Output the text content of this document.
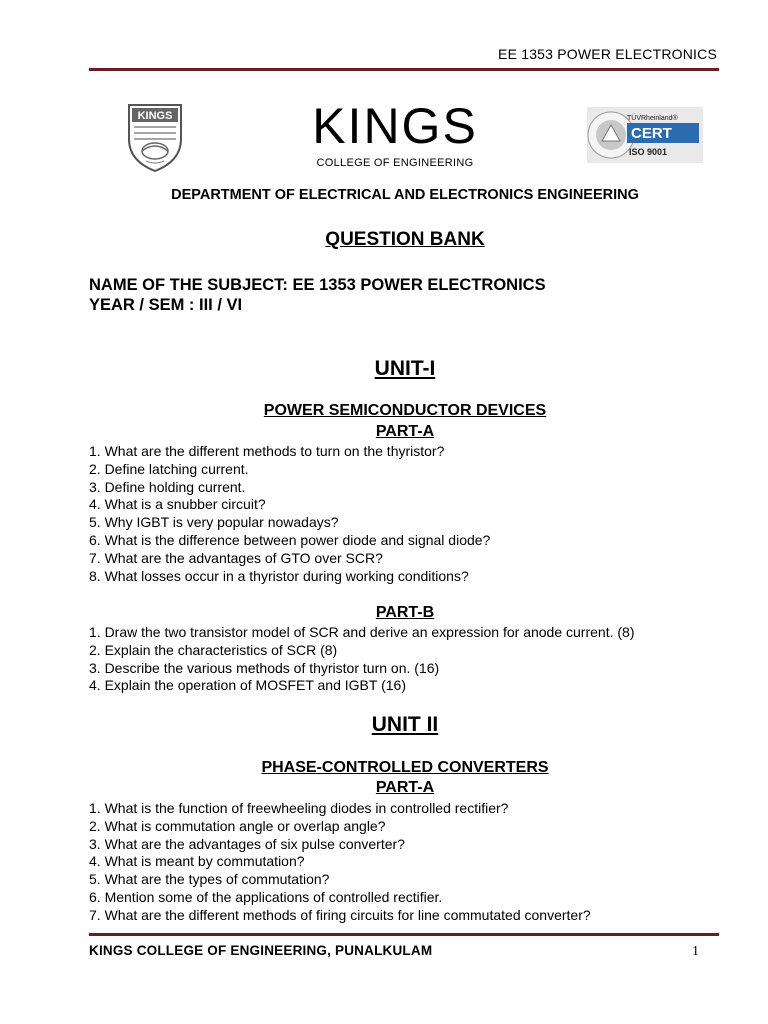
EE 1353 POWER ELECTRONICS
KINGS	KINGS
COLLEGE OF ENGINEERING
TÜVRheinland®
CERT
ISO 9001
DEPARTMENT OF ELECTRICAL AND ELECTRONICS ENGINEERING
QUESTION BANK
NAME OF THE SUBJECT: EE 1353 POWER ELECTRONICS
YEAR / SEM : III / VI
UNIT-I
POWER SEMICONDUCTOR DEVICES
PART-A
1. What are the different methods to turn on the thyristor?
2. Define latching current.
3. Define holding current.
4. What is a snubber circuit?
5. Why IGBT is very popular nowadays?
6. What is the difference between power diode and signal diode?
7. What are the advantages of GTO over SCR?
8. What losses occur in a thyristor during working conditions?
PART-B
1. Draw the two transistor model of SCR and derive an expression for anode current. (8)
2. Explain the characteristics of SCR (8)
3. Describe the various methods of thyristor turn on. (16)
4. Explain the operation of MOSFET and IGBT (16)
UNIT II
PHASE-CONTROLLED CONVERTERS
PART-A
1. What is the function of freewheeling diodes in controlled rectifier?
2. What is commutation angle or overlap angle?
3. What are the advantages of six pulse converter?
4. What is meant by commutation?
5. What are the types of commutation?
6. Mention some of the applications of controlled rectifier.
7. What are the different methods of firing circuits for line commutated converter?
KINGS COLLEGE OF ENGINEERING, PUNALKULAM	1
